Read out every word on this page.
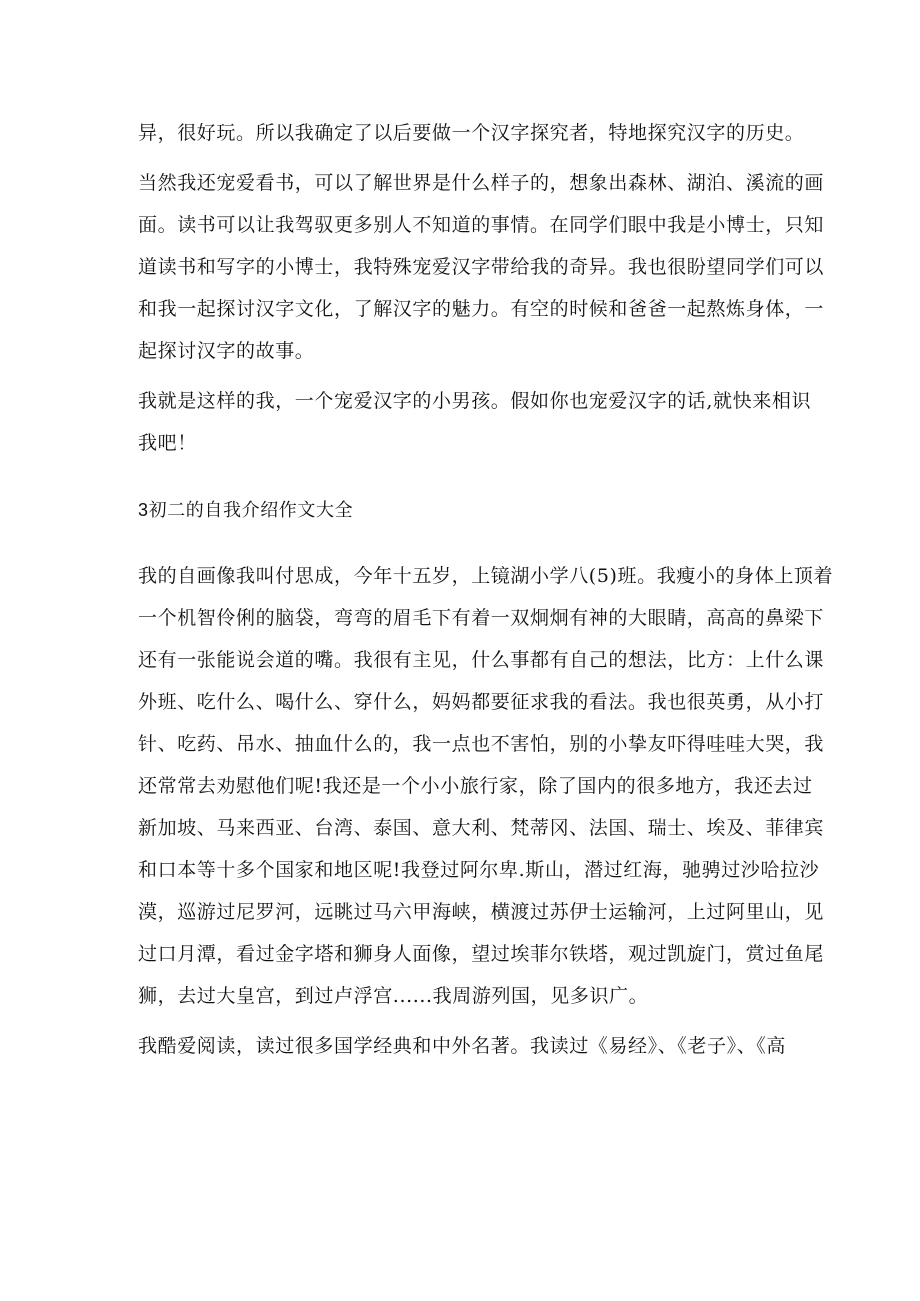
异，很好玩。所以我确定了以后要做一个汉字探究者，特地探究汉字的历史。
当然我还宠爱看书，可以了解世界是什么样子的，想象出森林、湖泊、溪流的画
面。读书可以让我驾驭更多别人不知道的事情。在同学们眼中我是小博士，只知
道读书和写字的小博士，我特殊宠爱汉字带给我的奇异。我也很盼望同学们可以
和我一起探讨汉字文化，了解汉字的魅力。有空的时候和爸爸一起熬炼身体，一
起探讨汉字的故事。
我就是这样的我，一个宠爱汉字的小男孩。假如你也宠爱汉字的话,就快来相识
我吧！
3初二的自我介绍作文大全
我的自画像我叫付思成，今年十五岁，上镜湖小学八(5)班。我瘦小的身体上顶着
一个机智伶俐的脑袋，弯弯的眉毛下有着一双炯炯有神的大眼睛，高高的鼻梁下
还有一张能说会道的嘴。我很有主见，什么事都有自己的想法，比方：上什么课
外班、吃什么、喝什么、穿什么，妈妈都要征求我的看法。我也很英勇，从小打
针、吃药、吊水、抽血什么的，我一点也不害怕，别的小挚友吓得哇哇大哭，我
还常常去劝慰他们呢!我还是一个小小旅行家，除了国内的很多地方，我还去过
新加坡、马来西亚、台湾、泰国、意大利、梵蒂冈、法国、瑞士、埃及、菲律宾
和口本等十多个国家和地区呢!我登过阿尔卑.斯山，潜过红海，驰骋过沙哈拉沙
漠，巡游过尼罗河，远眺过马六甲海峡，横渡过苏伊士运输河，上过阿里山，见
过口月潭，看过金字塔和狮身人面像，望过埃菲尔铁塔，观过凯旋门，赏过鱼尾
狮，去过大皇宫，到过卢浮宫......我周游列国，见多识广。
我酷爱阅读，读过很多国学经典和中外名著。我读过《易经》、《老子》、《高
